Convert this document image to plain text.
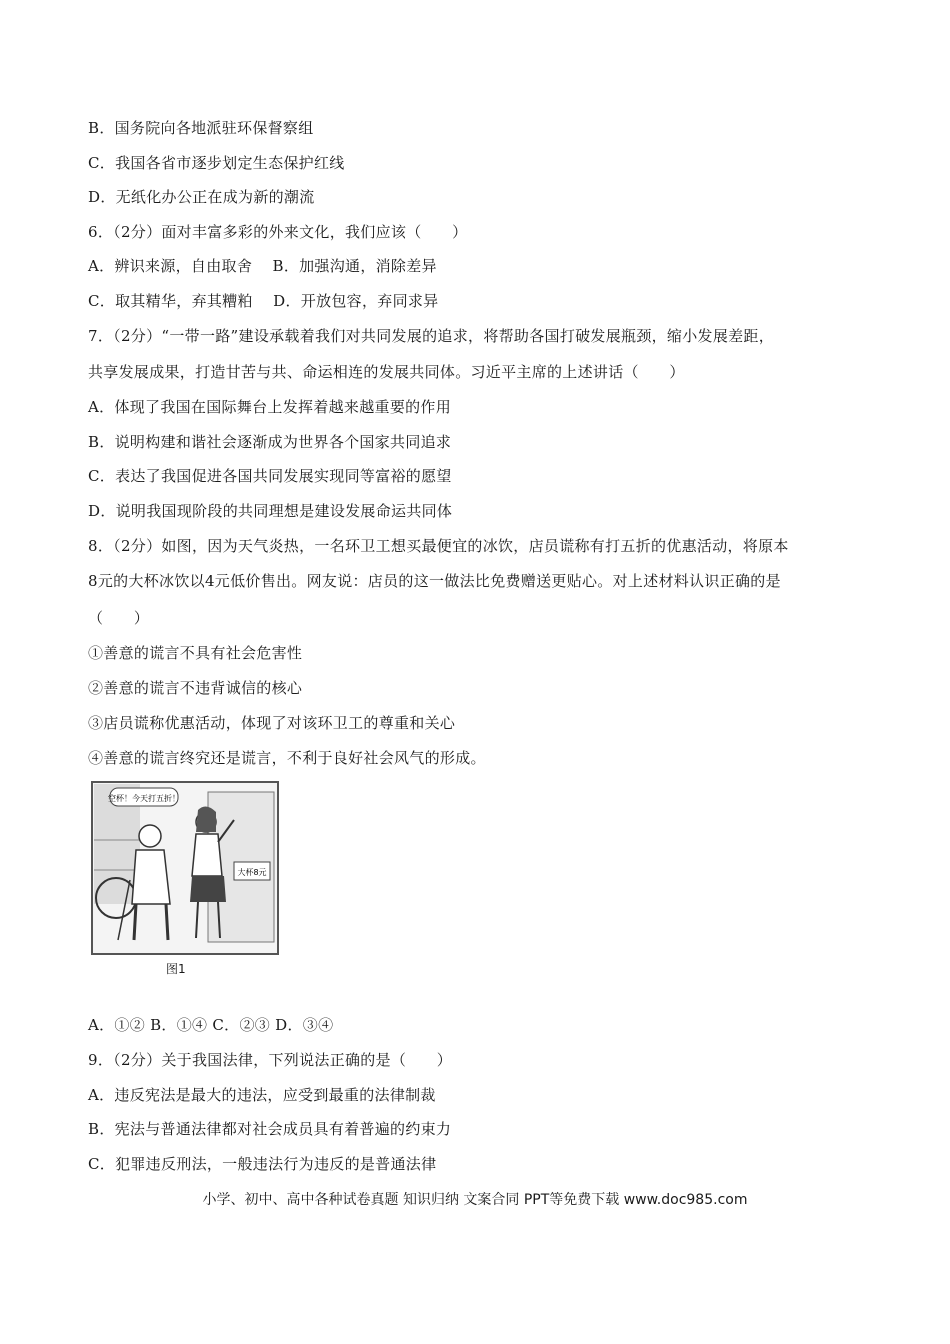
B．国务院向各地派驻环保督察组
C．我国各省市逐步划定生态保护红线
D．无纸化办公正在成为新的潮流
6．（2分）面对丰富多彩的外来文化，我们应该（　　）
A．辨识来源，自由取舍　 B．加强沟通，消除差异
C．取其精华，弃其糟粕　 D．开放包容，弃同求异
7．（2分）“一带一路”建设承载着我们对共同发展的追求，将帮助各国打破发展瓶颈，缩小发展差距，
共享发展成果，打造甘苦与共、命运相连的发展共同体。习近平主席的上述讲话（　　）
A．体现了我国在国际舞台上发挥着越来越重要的作用
B．说明构建和谐社会逐渐成为世界各个国家共同追求
C．表达了我国促进各国共同发展实现同等富裕的愿望
D．说明我国现阶段的共同理想是建设发展命运共同体
8．（2分）如图，因为天气炎热，一名环卫工想买最便宜的冰饮，店员谎称有打五折的优惠活动，将原本
8元的大杯冰饮以4元低价售出。网友说：店员的这一做法比免费赠送更贴心。对上述材料认识正确的是
（　　）
①善意的谎言不具有社会危害性
②善意的谎言不违背诚信的核心
③店员谎称优惠活动，体现了对该环卫工的尊重和关心
④善意的谎言终究还是谎言，不利于良好社会风气的形成。
空杯！今天打五折！
大杯8元
图1
A．①② B．①④ C．②③ D．③④
9．（2分）关于我国法律，下列说法正确的是（　　）
A．违反宪法是最大的违法，应受到最重的法律制裁
B．宪法与普通法律都对社会成员具有着普遍的约束力
C．犯罪违反刑法，一般违法行为违反的是普通法律
小学、初中、高中各种试卷真题 知识归纳 文案合同 PPT等免费下载 www.doc985.com
